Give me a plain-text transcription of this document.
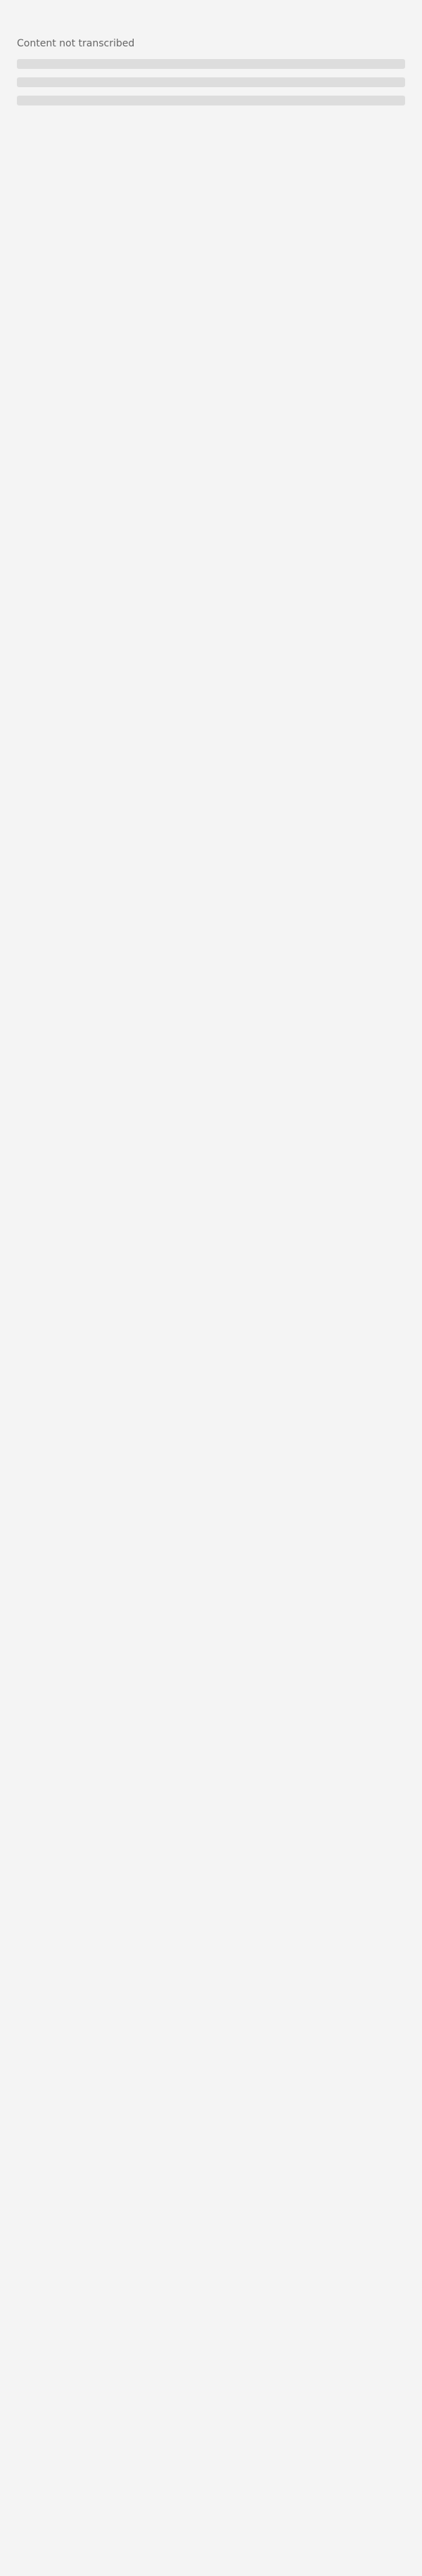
Content not transcribed
